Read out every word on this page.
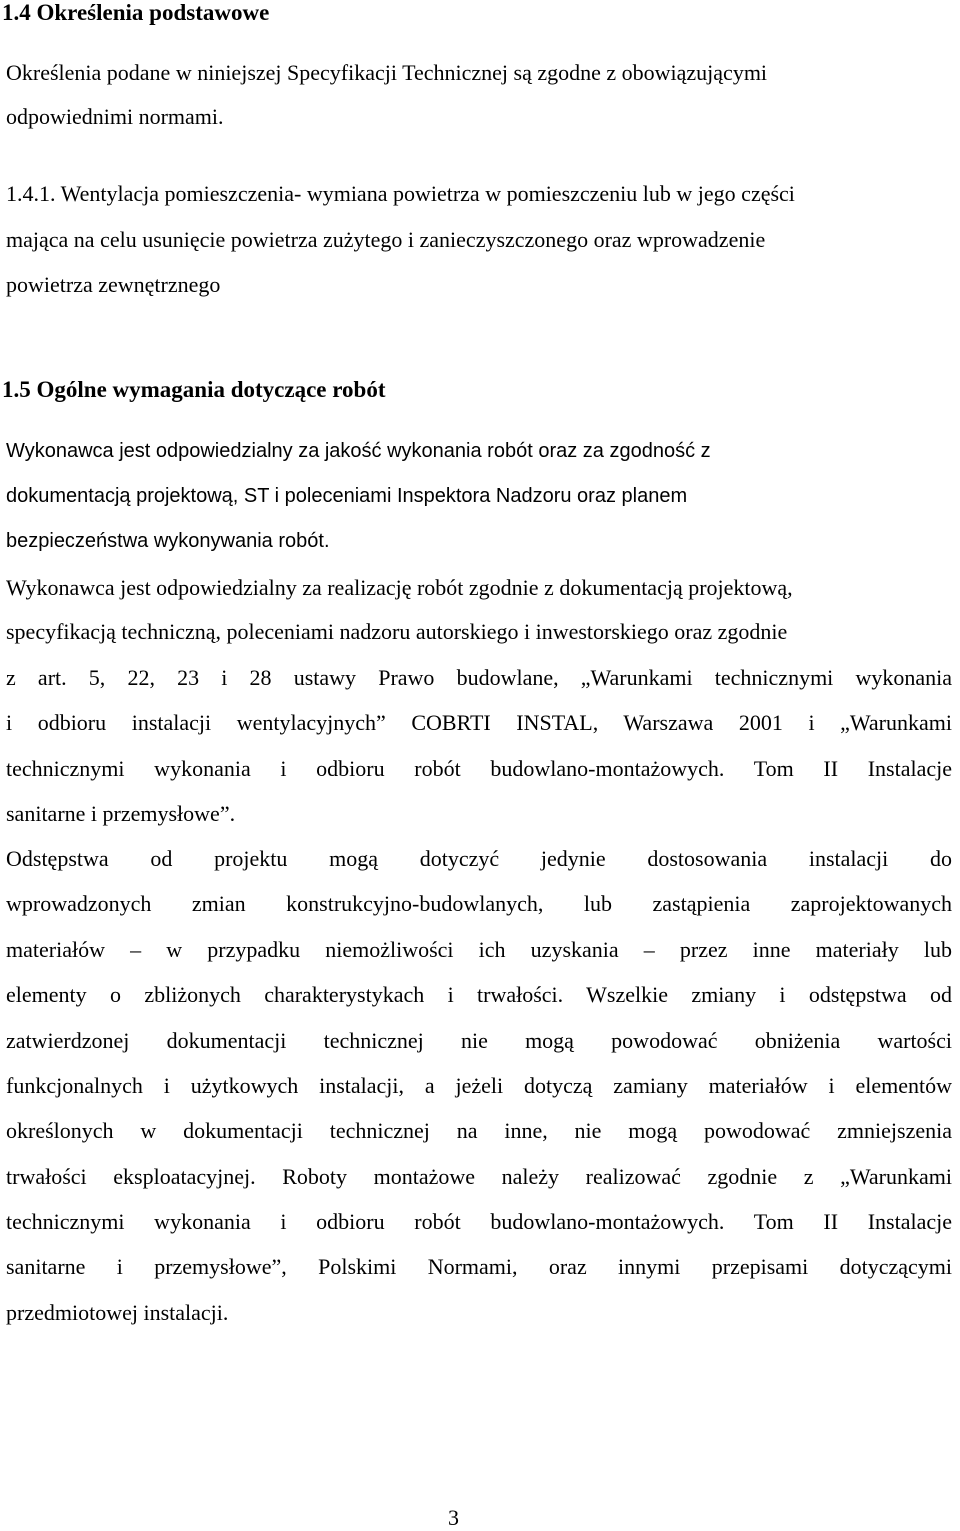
1.4 Określenia podstawowe
Określenia podane w niniejszej Specyfikacji Technicznej są zgodne z obowiązującymi
odpowiednimi normami.
1.4.1. Wentylacja pomieszczenia- wymiana powietrza w pomieszczeniu lub w jego części
mająca na celu usunięcie powietrza zużytego i zanieczyszczonego oraz wprowadzenie
powietrza zewnętrznego
1.5 Ogólne wymagania dotyczące robót
Wykonawca jest odpowiedzialny za jakość wykonania robót oraz za zgodność z
dokumentacją projektową, ST i poleceniami Inspektora Nadzoru oraz planem
bezpieczeństwa wykonywania robót.
Wykonawca jest odpowiedzialny za realizację robót zgodnie z dokumentacją projektową,
specyfikacją techniczną, poleceniami nadzoru autorskiego i inwestorskiego oraz zgodnie
z art. 5, 22, 23 i 28 ustawy Prawo budowlane, „Warunkami technicznymi wykonania
i odbioru instalacji wentylacyjnych” COBRTI INSTAL, Warszawa 2001 i „Warunkami
technicznymi wykonania i odbioru robót budowlano-montażowych. Tom II Instalacje
sanitarne i przemysłowe”.
Odstępstwa od projektu mogą dotyczyć jedynie dostosowania instalacji do
wprowadzonych zmian konstrukcyjno-budowlanych, lub zastąpienia zaprojektowanych
materiałów – w przypadku niemożliwości ich uzyskania – przez inne materiały lub
elementy o zbliżonych charakterystykach i trwałości. Wszelkie zmiany i odstępstwa od
zatwierdzonej dokumentacji technicznej nie mogą powodować obniżenia wartości
funkcjonalnych i użytkowych instalacji, a jeżeli dotyczą zamiany materiałów i elementów
określonych w dokumentacji technicznej na inne, nie mogą powodować zmniejszenia
trwałości eksploatacyjnej. Roboty montażowe należy realizować zgodnie z „Warunkami
technicznymi wykonania i odbioru robót budowlano-montażowych. Tom II Instalacje
sanitarne i przemysłowe”, Polskimi Normami, oraz innymi przepisami dotyczącymi
przedmiotowej instalacji.
3
